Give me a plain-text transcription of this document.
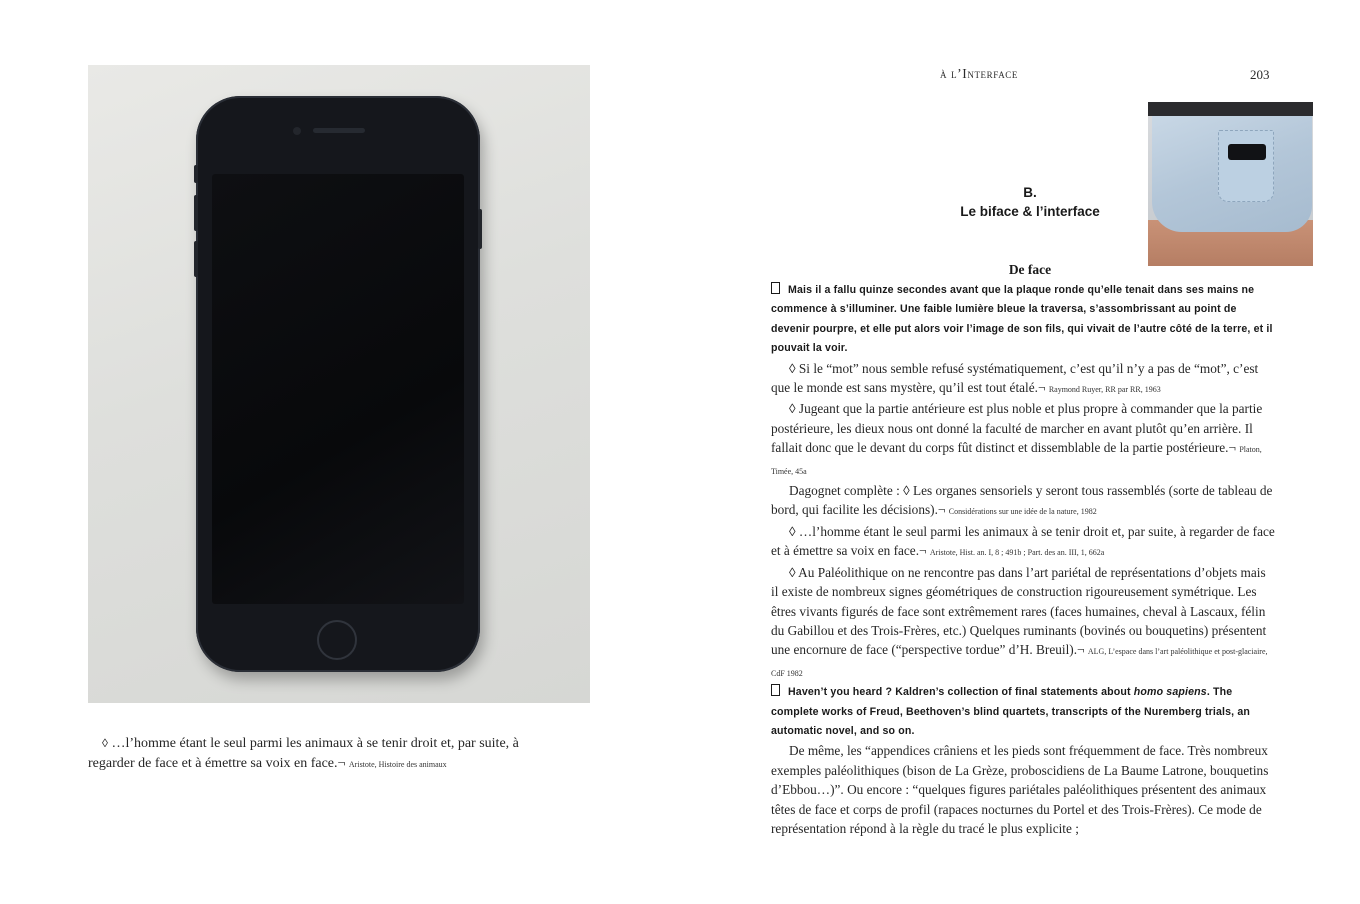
◊ …l’homme étant le seul parmi les animaux à se tenir droit et, par suite, à regarder de face et à émettre sa voix en face.¬ Aristote, Histoire des animaux
à l’Interface	203
B.
Le biface & l’interface
De face

Mais il a fallu quinze secondes avant que la plaque ronde qu’elle tenait dans ses mains ne commence à s’illuminer. Une faible lumière bleue la traversa, s’assombrissant au point de devenir pourpre, et elle put alors voir l’image de son fils, qui vivait de l’autre côté de la terre, et il pouvait la voir.

◊ Si le “mot” nous semble refusé systématiquement, c’est qu’il n’y a pas de “mot”, c’est que le monde est sans mystère, qu’il est tout étalé.¬ Raymond Ruyer, RR par RR, 1963

◊ Jugeant que la partie antérieure est plus noble et plus propre à commander que la partie postérieure, les dieux nous ont donné la faculté de marcher en avant plutôt qu’en arrière. Il fallait donc que le devant du corps fût distinct et dissemblable de la partie postérieure.¬ Platon, Timée, 45a

Dagognet complète : ◊ Les organes sensoriels y seront tous rassemblés (sorte de tableau de bord, qui facilite les décisions).¬ Considérations sur une idée de la nature, 1982

◊ …l’homme étant le seul parmi les animaux à se tenir droit et, par suite, à regarder de face et à émettre sa voix en face.¬ Aristote, Hist. an. I, 8 ; 491b ; Part. des an. III, 1, 662a

◊ Au Paléolithique on ne rencontre pas dans l’art pariétal de représentations d’objets mais il existe de nombreux signes géométriques de construction rigoureusement symétrique. Les êtres vivants figurés de face sont extrêmement rares (faces humaines, cheval à Lascaux, félin du Gabillou et des Trois-Frères, etc.) Quelques ruminants (bovinés ou bouquetins) présentent une encornure de face (“perspective tordue” d’H. Breuil).¬ ALG, L’espace dans l’art paléolithique et post-glaciaire, CdF 1982

Haven’t you heard ? Kaldren’s collection of final statements about homo sapiens. The complete works of Freud, Beethoven’s blind quartets, transcripts of the Nuremberg trials, an automatic novel, and so on.

De même, les “appendices crâniens et les pieds sont fréquemment de face. Très nombreux exemples paléolithiques (bison de La Grèze, proboscidiens de La Baume Latrone, bouquetins d’Ebbou…)”. Ou encore : “quelques figures pariétales paléolithiques présentent des animaux têtes de face et corps de profil (rapaces nocturnes du Portel et des Trois-Frères). Ce mode de représentation répond à la règle du tracé le plus explicite ;
